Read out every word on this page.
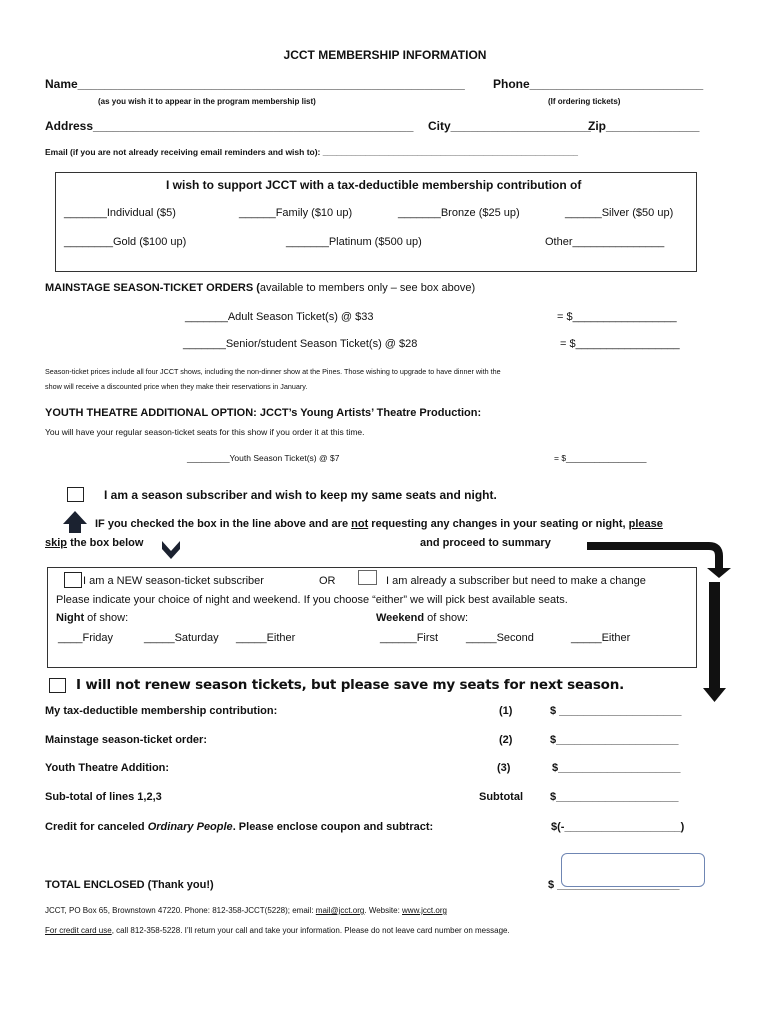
JCCT MEMBERSHIP INFORMATION
Name__________________________________________________________ Phone__________________________
(as you wish it to appear in the program membership list)	(If ordering tickets)
Address________________________________________________ City_____________________
Zip______________
Email (if you are not already receiving email reminders and wish to): ______________________________________________________
I wish to support JCCT with a tax-deductible membership contribution of
_______Individual ($5)	______Family ($10 up)	_______Bronze ($25 up)	______Silver ($50 up)
________Gold ($100 up)	_______Platinum ($500 up)	Other_______________
MAINSTAGE SEASON-TICKET ORDERS (available to members only – see box above)
_______Adult Season Ticket(s) @ $33	= $_________________
_______Senior/student Season Ticket(s) @ $28	= $_________________
Season-ticket prices include all four JCCT shows, including the non-dinner show at the Pines. Those wishing to upgrade to have dinner with the
show will receive a discounted price when they make their reservations in January.
YOUTH THEATRE ADDITIONAL OPTION: JCCT’s Young Artists’ Theatre Production:
You will have your regular season-ticket seats for this show if you order it at this time.
_________Youth Season Ticket(s) @ $7	= $_________________
I am a season subscriber and wish to keep my same seats and night.
IF you checked the box in the line above and are not requesting any changes in your seating or night, please
skip the box below	and proceed to summary
I am a NEW season-ticket subscriber	OR	I am already a subscriber but need to make a change
Please indicate your choice of night and weekend. If you choose “either” we will pick best available seats.
Night of show:	Weekend of show:
____Friday	_____Saturday _____Either	______First	_____Second	_____Either
I will not renew season tickets, but please save my seats for next season.
My tax-deductible membership contribution:	(1)	$ ____________________
Mainstage season-ticket order:	(2)	$____________________
Youth Theatre Addition:	(3)	$____________________
Sub-total of lines 1,2,3	Subtotal $____________________
Credit for canceled Ordinary People. Please enclose coupon and subtract:	$(-___________________)
TOTAL ENCLOSED (Thank you!)	$ ____________________
JCCT, PO Box 65, Brownstown 47220. Phone: 812-358-JCCT(5228); email: mail@jcct.org. Website: www.jcct.org
For credit card use, call 812-358-5228. I’ll return your call and take your information. Please do not leave card number on message.
